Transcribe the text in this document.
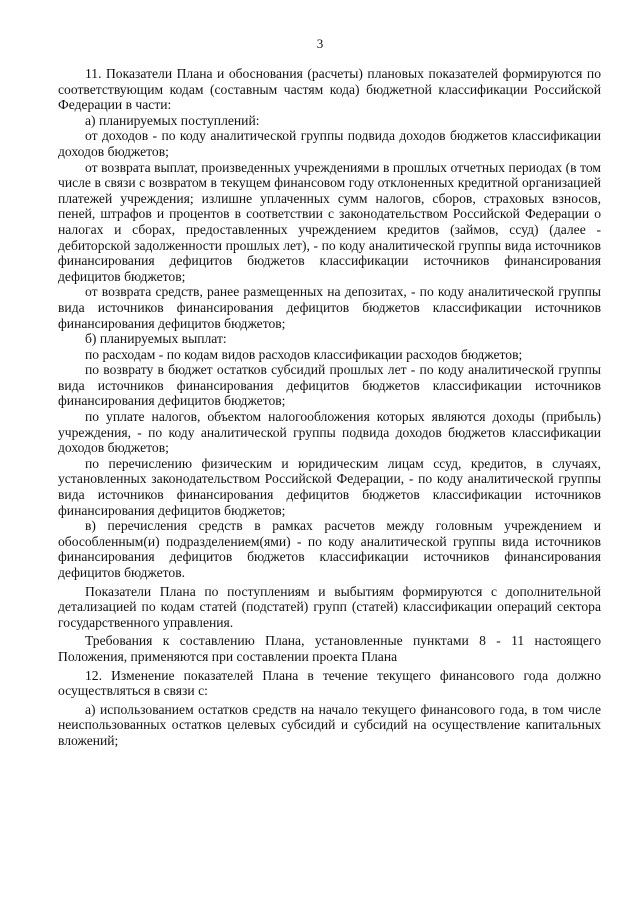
3

11. Показатели Плана и обоснования (расчеты) плановых показателей формируются по соответствующим кодам (составным частям кода) бюджетной классификации Российской Федерации в части:

а) планируемых поступлений:

от доходов - по коду аналитической группы подвида доходов бюджетов классификации доходов бюджетов;

от возврата выплат, произведенных учреждениями в прошлых отчетных периодах (в том числе в связи с возвратом в текущем финансовом году отклоненных кредитной организацией платежей учреждения; излишне уплаченных сумм налогов, сборов, страховых взносов, пеней, штрафов и процентов в соответствии с законодательством Российской Федерации о налогах и сборах, предоставленных учреждением кредитов (займов, ссуд) (далее - дебиторской задолженности прошлых лет), - по коду аналитической группы вида источников финансирования дефицитов бюджетов классификации источников финансирования дефицитов бюджетов;

от возврата средств, ранее размещенных на депозитах, - по коду аналитической группы вида источников финансирования дефицитов бюджетов классификации источников финансирования дефицитов бюджетов;

б) планируемых выплат:

по расходам - по кодам видов расходов классификации расходов бюджетов;

по возврату в бюджет остатков субсидий прошлых лет - по коду аналитической группы вида источников финансирования дефицитов бюджетов классификации источников финансирования дефицитов бюджетов;

по уплате налогов, объектом налогообложения которых являются доходы (прибыль) учреждения, - по коду аналитической группы подвида доходов бюджетов классификации доходов бюджетов;

по перечислению физическим и юридическим лицам ссуд, кредитов, в случаях, установленных законодательством Российской Федерации, - по коду аналитической группы вида источников финансирования дефицитов бюджетов классификации источников финансирования дефицитов бюджетов;

в) перечисления средств в рамках расчетов между головным учреждением и обособленным(и) подразделением(ями) - по коду аналитической группы вида источников финансирования дефицитов бюджетов классификации источников финансирования дефицитов бюджетов.

Показатели Плана по поступлениям и выбытиям формируются с дополнительной детализацией по кодам статей (подстатей) групп (статей) классификации операций сектора государственного управления.

Требования к составлению Плана, установленные пунктами 8 - 11 настоящего Положения, применяются при составлении проекта Плана

12. Изменение показателей Плана в течение текущего финансового года должно осуществляться в связи с:

а) использованием остатков средств на начало текущего финансового года, в том числе неиспользованных остатков целевых субсидий и субсидий на осуществление капитальных вложений;
